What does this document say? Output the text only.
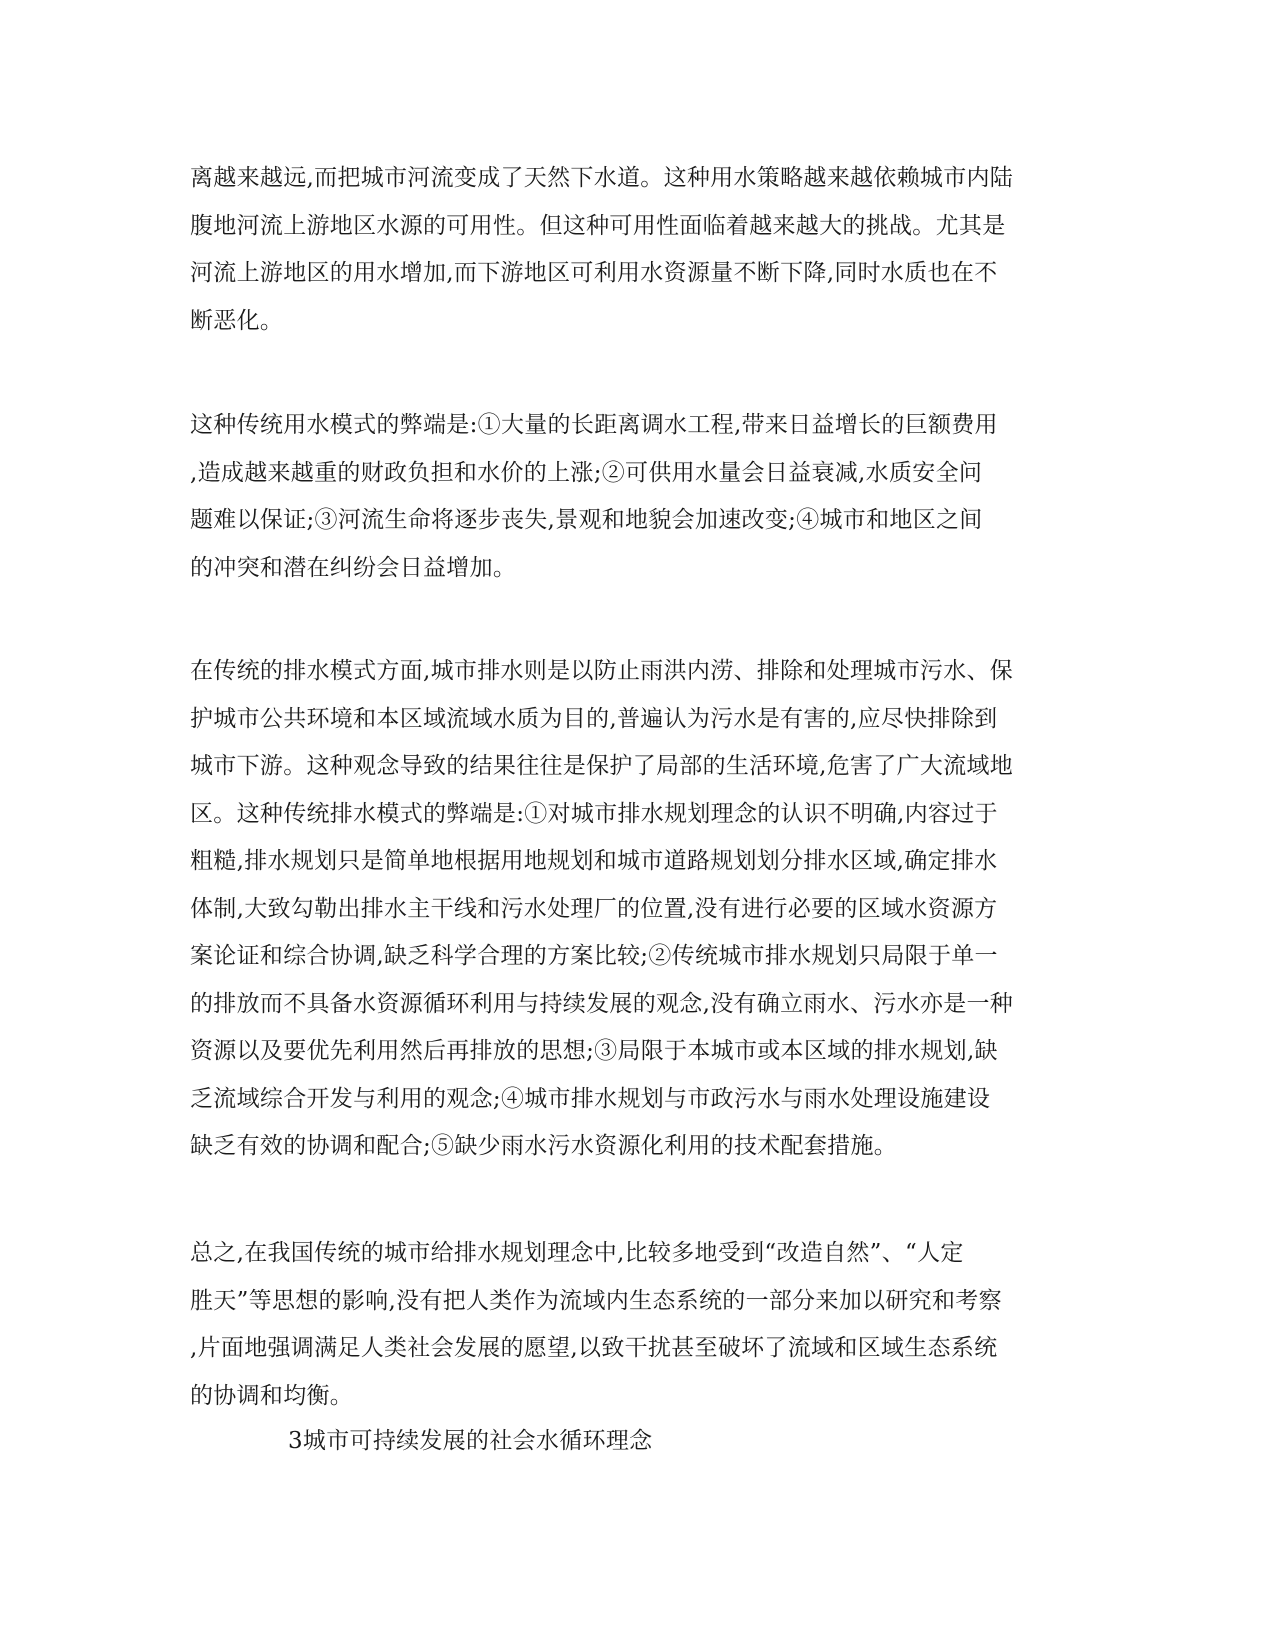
离越来越远,而把城市河流变成了天然下水道。这种用水策略越来越依赖城市内陆
腹地河流上游地区水源的可用性。但这种可用性面临着越来越大的挑战。尤其是
河流上游地区的用水增加,而下游地区可利用水资源量不断下降,同时水质也在不
断恶化。
这种传统用水模式的弊端是:①大量的长距离调水工程,带来日益增长的巨额费用
,造成越来越重的财政负担和水价的上涨;②可供用水量会日益衰减,水质安全问
题难以保证;③河流生命将逐步丧失,景观和地貌会加速改变;④城市和地区之间
的冲突和潜在纠纷会日益增加。
在传统的排水模式方面,城市排水则是以防止雨洪内涝、排除和处理城市污水、保
护城市公共环境和本区域流域水质为目的,普遍认为污水是有害的,应尽快排除到
城市下游。这种观念导致的结果往往是保护了局部的生活环境,危害了广大流域地
区。这种传统排水模式的弊端是:①对城市排水规划理念的认识不明确,内容过于
粗糙,排水规划只是简单地根据用地规划和城市道路规划划分排水区域,确定排水
体制,大致勾勒出排水主干线和污水处理厂的位置,没有进行必要的区域水资源方
案论证和综合协调,缺乏科学合理的方案比较;②传统城市排水规划只局限于单一
的排放而不具备水资源循环利用与持续发展的观念,没有确立雨水、污水亦是一种
资源以及要优先利用然后再排放的思想;③局限于本城市或本区域的排水规划,缺
乏流域综合开发与利用的观念;④城市排水规划与市政污水与雨水处理设施建设
缺乏有效的协调和配合;⑤缺少雨水污水资源化利用的技术配套措施。
总之,在我国传统的城市给排水规划理念中,比较多地受到“改造自然”、“人定
胜天”等思想的影响,没有把人类作为流域内生态系统的一部分来加以研究和考察
,片面地强调满足人类社会发展的愿望,以致干扰甚至破坏了流域和区域生态系统
的协调和均衡。
3城市可持续发展的社会水循环理念
